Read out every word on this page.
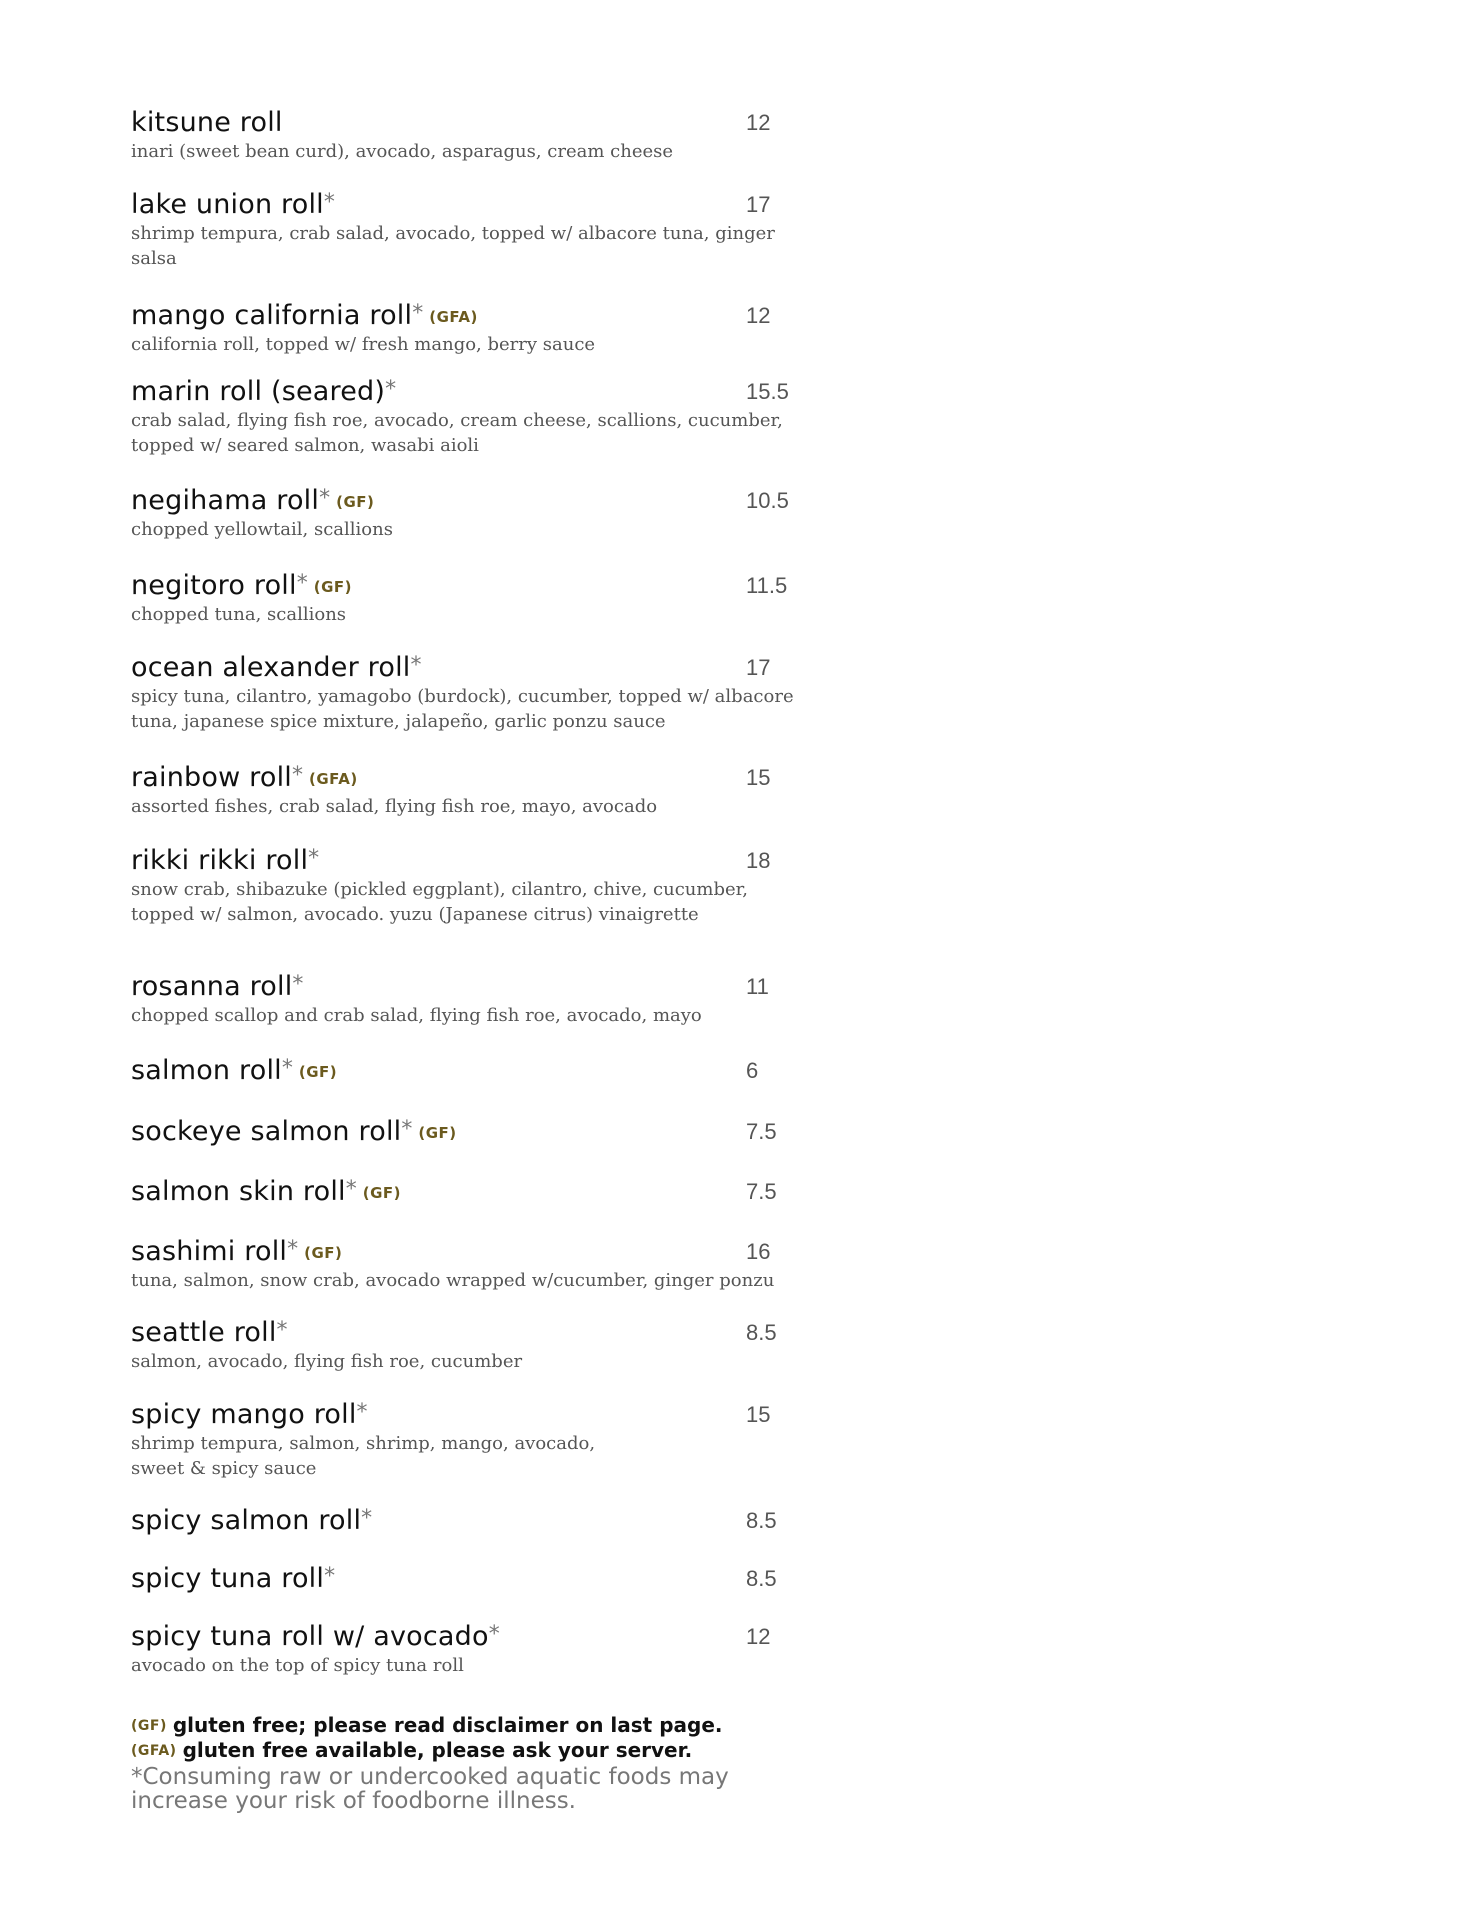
kitsune roll	12
inari (sweet bean curd), avocado, asparagus, cream cheese
lake union roll*	17
shrimp tempura, crab salad, avocado, topped w/ albacore tuna, ginger salsa
mango california roll* (GFA)	12
california roll, topped w/ fresh mango, berry sauce
marin roll (seared)*	15.5
crab salad, flying fish roe, avocado, cream cheese, scallions, cucumber, topped w/ seared salmon, wasabi aioli
negihama roll* (GF)	10.5
chopped yellowtail, scallions
negitoro roll* (GF)	11.5
chopped tuna, scallions
ocean alexander roll*	17
spicy tuna, cilantro, yamagobo (burdock), cucumber, topped w/ albacore tuna, japanese spice mixture, jalapeño, garlic ponzu sauce
rainbow roll* (GFA)	15
assorted fishes, crab salad, flying fish roe, mayo, avocado
rikki rikki roll*	18
snow crab, shibazuke (pickled eggplant), cilantro, chive, cucumber, topped w/ salmon, avocado. yuzu (Japanese citrus) vinaigrette
rosanna roll*	11
chopped scallop and crab salad, flying fish roe, avocado, mayo
salmon roll* (GF)	6
sockeye salmon roll* (GF)	7.5
salmon skin roll* (GF)	7.5
sashimi roll* (GF)	16
tuna, salmon, snow crab, avocado wrapped w/cucumber, ginger ponzu
seattle roll*	8.5
salmon, avocado, flying fish roe, cucumber
spicy mango roll*	15
shrimp tempura, salmon, shrimp, mango, avocado, sweet & spicy sauce
spicy salmon roll*	8.5
spicy tuna roll*	8.5
spicy tuna roll w/ avocado*	12
avocado on the top of spicy tuna roll
(GF) gluten free; please read disclaimer on last page.
(GFA) gluten free available, please ask your server.
*Consuming raw or undercooked aquatic foods may increase your risk of foodborne illness.
